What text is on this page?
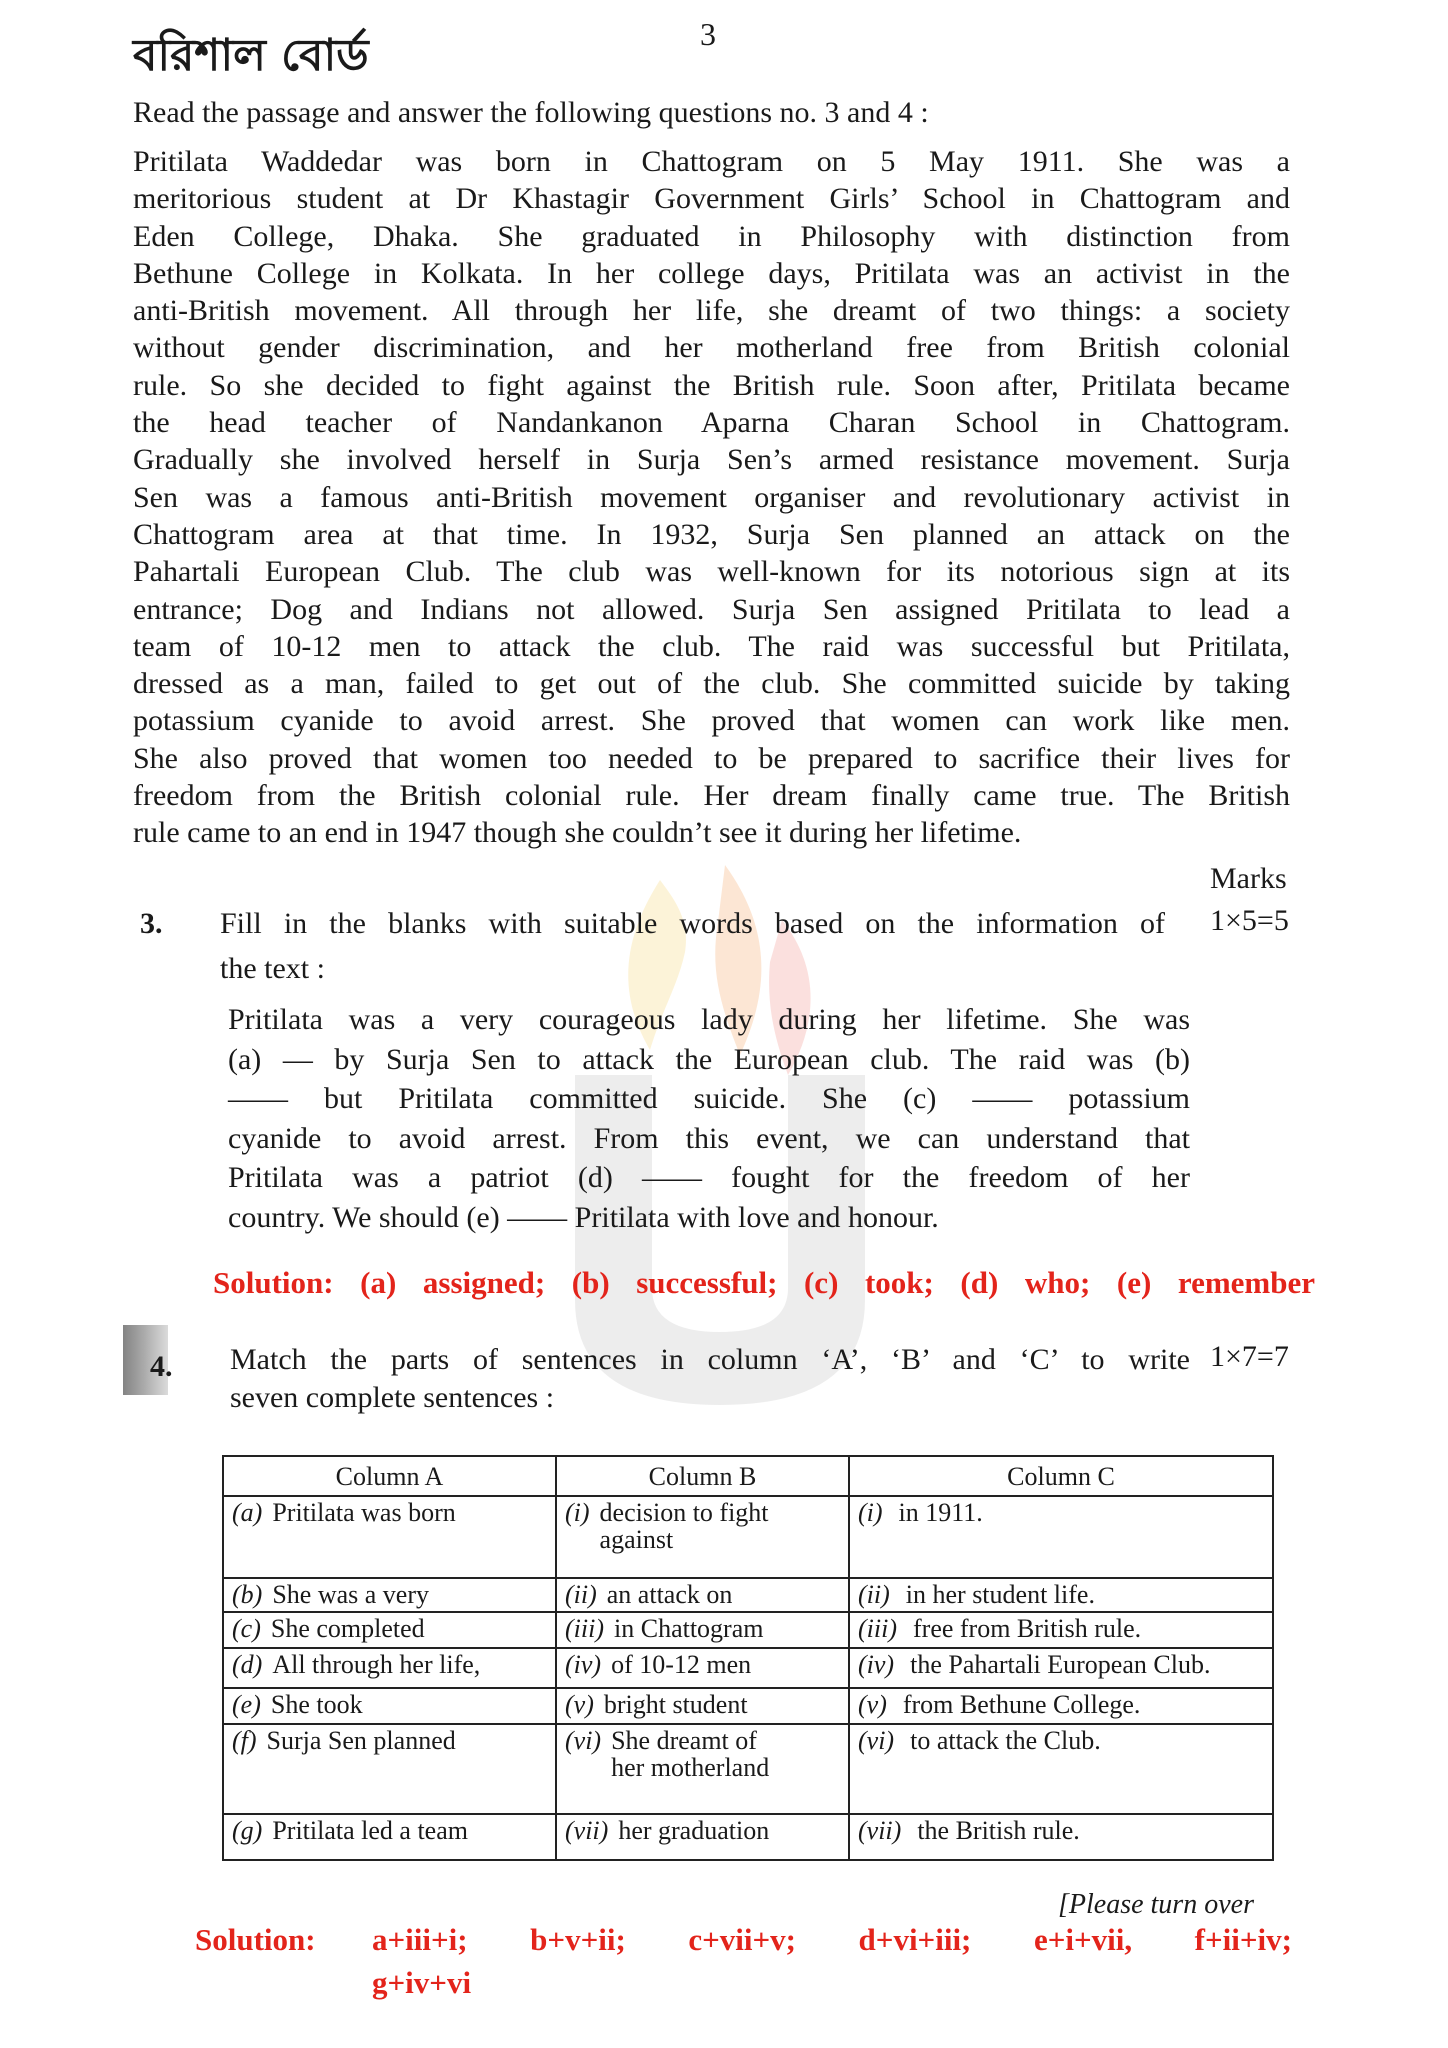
3
বরিশাল বোর্ড
Read the passage and answer the following questions no. 3 and 4 :
Pritilata Waddedar was born in Chattogram on 5 May 1911. She was a
meritorious student at Dr Khastagir Government Girls’ School in Chattogram and
Eden College, Dhaka. She graduated in Philosophy with distinction from
Bethune College in Kolkata. In her college days, Pritilata was an activist in the
anti-British movement. All through her life, she dreamt of two things: a society
without gender discrimination, and her motherland free from British colonial
rule. So she decided to fight against the British rule. Soon after, Pritilata became
the head teacher of Nandankanon Aparna Charan School in Chattogram.
Gradually she involved herself in Surja Sen’s armed resistance movement. Surja
Sen was a famous anti-British movement organiser and revolutionary activist in
Chattogram area at that time. In 1932, Surja Sen planned an attack on the
Pahartali European Club. The club was well-known for its notorious sign at its
entrance; Dog and Indians not allowed. Surja Sen assigned Pritilata to lead a
team of 10-12 men to attack the club. The raid was successful but Pritilata,
dressed as a man, failed to get out of the club. She committed suicide by taking
potassium cyanide to avoid arrest. She proved that women can work like men.
She also proved that women too needed to be prepared to sacrifice their lives for
freedom from the British colonial rule. Her dream finally came true. The British
rule came to an end in 1947 though she couldn’t see it during her lifetime.
Marks
3. Fill in the blanks with suitable words based on the information of
the text :
1×5=5
Pritilata was a very courageous lady during her lifetime. She was
(a) — by Surja Sen to attack the European club. The raid was (b)
—— but Pritilata committed suicide. She (c) —— potassium
cyanide to avoid arrest. From this event, we can understand that
Pritilata was a patriot (d) —— fought for the freedom of her
country. We should (e) —— Pritilata with love and honour.
Solution: (a) assigned; (b) successful; (c) took; (d) who; (e) remember
4. Match the parts of sentences in column ‘A’, ‘B’ and ‘C’ to write
seven complete sentences :
1×7=7
Column A	Column B	Column C

(a) Pritilata was born	(i) decision to fight against	(i) in 1911.

(b) She was a very	(ii) an attack on	(ii) in her student life.

(c) She completed	(iii) in Chattogram	(iii) free from British rule.

(d) All through her life,	(iv) of 10-12 men	(iv) the Pahartali European Club.

(e) She took	(v) bright student	(v) from Bethune College.

(f) Surja Sen planned	(vi) She dreamt of her motherland	(vi) to attack the Club.

(g) Pritilata led a team	(vii) her graduation	(vii) the British rule.
[Please turn over
Solution: a+iii+i; b+v+ii; c+vii+v; d+vi+iii; e+i+vii, f+ii+iv;
g+iv+vi
